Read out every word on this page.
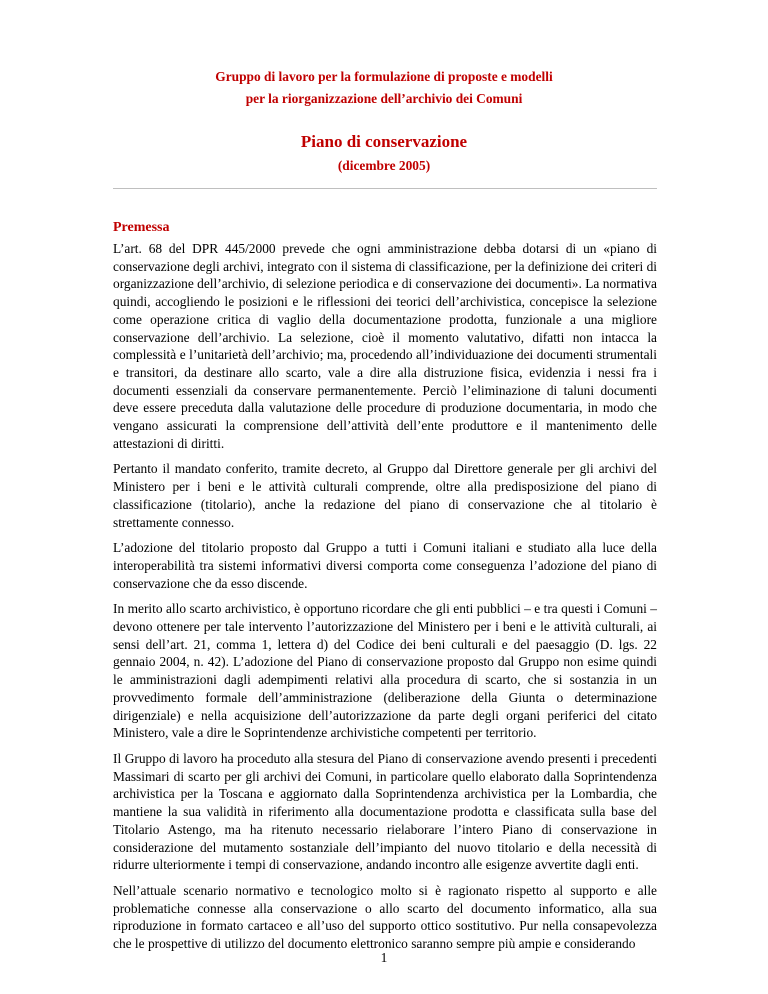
Gruppo di lavoro per la formulazione di proposte e modelli
per la riorganizzazione dell’archivio dei Comuni
Piano di conservazione
(dicembre 2005)
Premessa

L’art. 68 del DPR 445/2000 prevede che ogni amministrazione debba dotarsi di un «piano di conservazione degli archivi, integrato con il sistema di classificazione, per la definizione dei criteri di organizzazione dell’archivio, di selezione periodica e di conservazione dei documenti». La normativa quindi, accogliendo le posizioni e le riflessioni dei teorici dell’archivistica, concepisce la selezione come operazione critica di vaglio della documentazione prodotta, funzionale a una migliore conservazione dell’archivio. La selezione, cioè il momento valutativo, difatti non intacca la complessità e l’unitarietà dell’archivio; ma, procedendo all’individuazione dei documenti strumentali e transitori, da destinare allo scarto, vale a dire alla distruzione fisica, evidenzia i nessi fra i documenti essenziali da conservare permanentemente. Perciò l’eliminazione di taluni documenti deve essere preceduta dalla valutazione delle procedure di produzione documentaria, in modo che vengano assicurati la comprensione dell’attività dell’ente produttore e il mantenimento delle attestazioni di diritti.

Pertanto il mandato conferito, tramite decreto, al Gruppo dal Direttore generale per gli archivi del Ministero per i beni e le attività culturali comprende, oltre alla predisposizione del piano di classificazione (titolario), anche la redazione del piano di conservazione che al titolario è strettamente connesso.

L’adozione del titolario proposto dal Gruppo a tutti i Comuni italiani e studiato alla luce della interoperabilità tra sistemi informativi diversi comporta come conseguenza l’adozione del piano di conservazione che da esso discende.

In merito allo scarto archivistico, è opportuno ricordare che gli enti pubblici – e tra questi i Comuni – devono ottenere per tale intervento l’autorizzazione del Ministero per i beni e le attività culturali, ai sensi dell’art. 21, comma 1, lettera d) del Codice dei beni culturali e del paesaggio (D. lgs. 22 gennaio 2004, n. 42). L’adozione del Piano di conservazione proposto dal Gruppo non esime quindi le amministrazioni dagli adempimenti relativi alla procedura di scarto, che si sostanzia in un provvedimento formale dell’amministrazione (deliberazione della Giunta o determinazione dirigenziale) e nella acquisizione dell’autorizzazione da parte degli organi periferici del citato Ministero, vale a dire le Soprintendenze archivistiche competenti per territorio.

Il Gruppo di lavoro ha proceduto alla stesura del Piano di conservazione avendo presenti i precedenti Massimari di scarto per gli archivi dei Comuni, in particolare quello elaborato dalla Soprintendenza archivistica per la Toscana e aggiornato dalla Soprintendenza archivistica per la Lombardia, che mantiene la sua validità in riferimento alla documentazione prodotta e classificata sulla base del Titolario Astengo, ma ha ritenuto necessario rielaborare l’intero Piano di conservazione in considerazione del mutamento sostanziale dell’impianto del nuovo titolario e della necessità di ridurre ulteriormente i tempi di conservazione, andando incontro alle esigenze avvertite dagli enti.

Nell’attuale scenario normativo e tecnologico molto si è ragionato rispetto al supporto e alle problematiche connesse alla conservazione o allo scarto del documento informatico, alla sua riproduzione in formato cartaceo e all’uso del supporto ottico sostitutivo. Pur nella consapevolezza che le prospettive di utilizzo del documento elettronico saranno sempre più ampie e considerando

1
